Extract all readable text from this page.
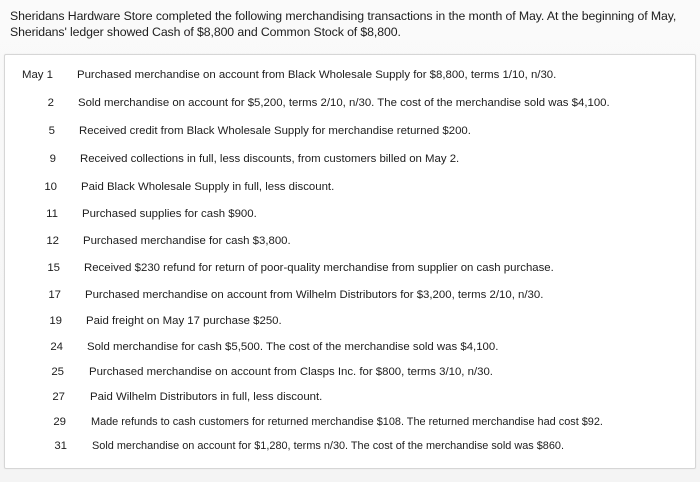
Sheridans Hardware Store completed the following merchandising transactions in the month of May. At the beginning of May,
Sheridans' ledger showed Cash of $8,800 and Common Stock of $8,800.
May 1 Purchased merchandise on account from Black Wholesale Supply for $8,800, terms 1/10, n/30.
2 Sold merchandise on account for $5,200, terms 2/10, n/30. The cost of the merchandise sold was $4,100.
5 Received credit from Black Wholesale Supply for merchandise returned $200.
9 Received collections in full, less discounts, from customers billed on May 2.
10 Paid Black Wholesale Supply in full, less discount.
11 Purchased supplies for cash $900.
12 Purchased merchandise for cash $3,800.
15 Received $230 refund for return of poor-quality merchandise from supplier on cash purchase.
17 Purchased merchandise on account from Wilhelm Distributors for $3,200, terms 2/10, n/30.
19 Paid freight on May 17 purchase $250.
24 Sold merchandise for cash $5,500. The cost of the merchandise sold was $4,100.
25 Purchased merchandise on account from Clasps Inc. for $800, terms 3/10, n/30.
27 Paid Wilhelm Distributors in full, less discount.
29 Made refunds to cash customers for returned merchandise $108. The returned merchandise had cost $92.
31 Sold merchandise on account for $1,280, terms n/30. The cost of the merchandise sold was $860.
